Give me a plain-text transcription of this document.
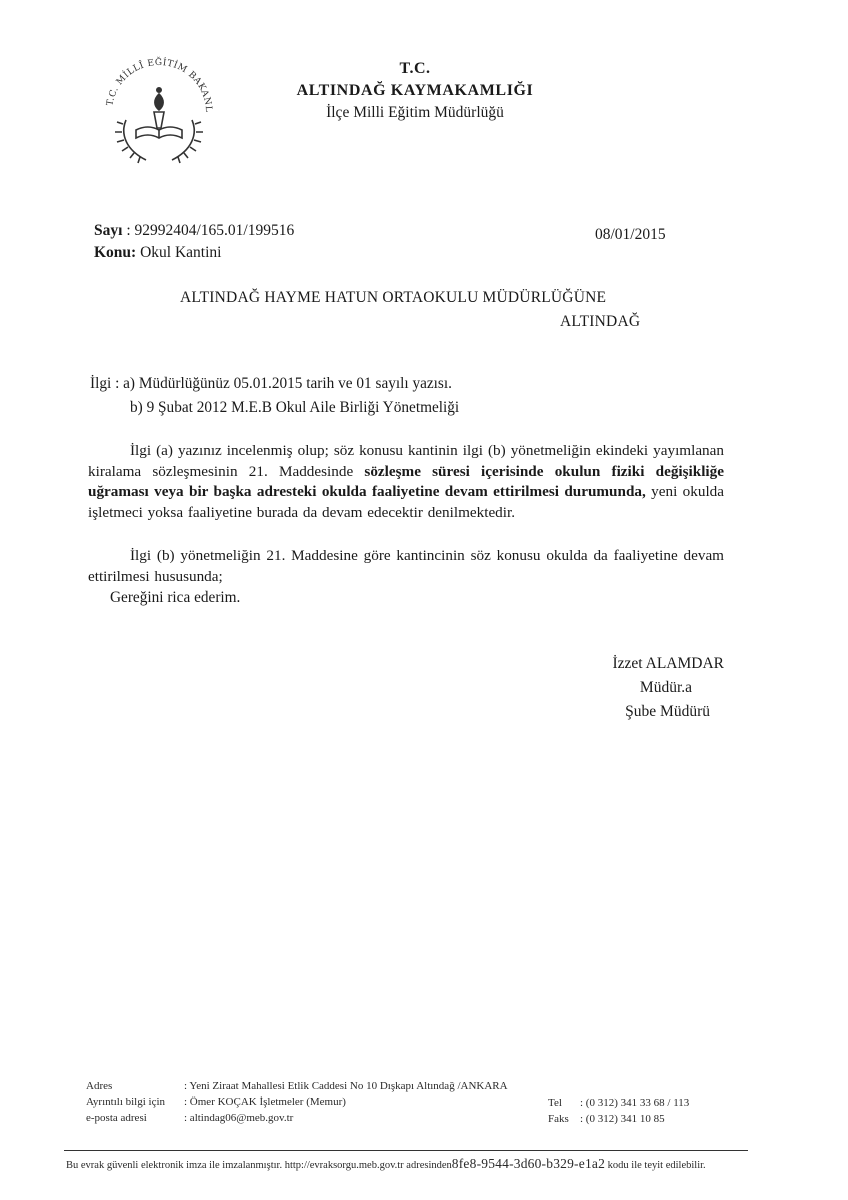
T.C. MİLLÎ EĞİTİM BAKANL
T.C.
ALTINDAĞ KAYMAKAMLIĞI
İlçe Milli Eğitim Müdürlüğü
Sayı : 92992404/165.01/199516
Konu: Okul Kantini
08/01/2015
ALTINDAĞ HAYME HATUN ORTAOKULU MÜDÜRLÜĞÜNE
ALTINDAĞ
İlgi : a) Müdürlüğünüz 05.01.2015 tarih ve 01 sayılı yazısı.
b) 9 Şubat 2012 M.E.B Okul Aile Birliği Yönetmeliği
İlgi (a) yazınız incelenmiş olup; söz konusu kantinin ilgi (b) yönetmeliğin ekindeki yayımlanan kiralama sözleşmesinin 21. Maddesinde sözleşme süresi içerisinde okulun fiziki değişikliğe uğraması veya bir başka adresteki okulda faaliyetine devam ettirilmesi durumunda, yeni okulda işletmeci yoksa faaliyetine burada da devam edecektir denilmektedir.
İlgi (b) yönetmeliğin 21. Maddesine göre kantincinin söz konusu okulda da faaliyetine devam ettirilmesi hususunda;
Gereğini rica ederim.
İzzet ALAMDAR
Müdür.a
Şube Müdürü
Adres	: Yeni Ziraat Mahallesi Etlik Caddesi No 10 Dışkapı Altındağ /ANKARA
Ayrıntılı bilgi için : Ömer KOÇAK İşletmeler (Memur)
e-posta adresi	: altindag06@meb.gov.tr
Tel : (0 312) 341 33 68 / 113
Faks : (0 312) 341 10 85
Bu evrak güvenli elektronik imza ile imzalanmıştır. http://evraksorgu.meb.gov.tr adresinden8fe8-9544-3d60-b329-e1a2 kodu ile teyit edilebilir.
